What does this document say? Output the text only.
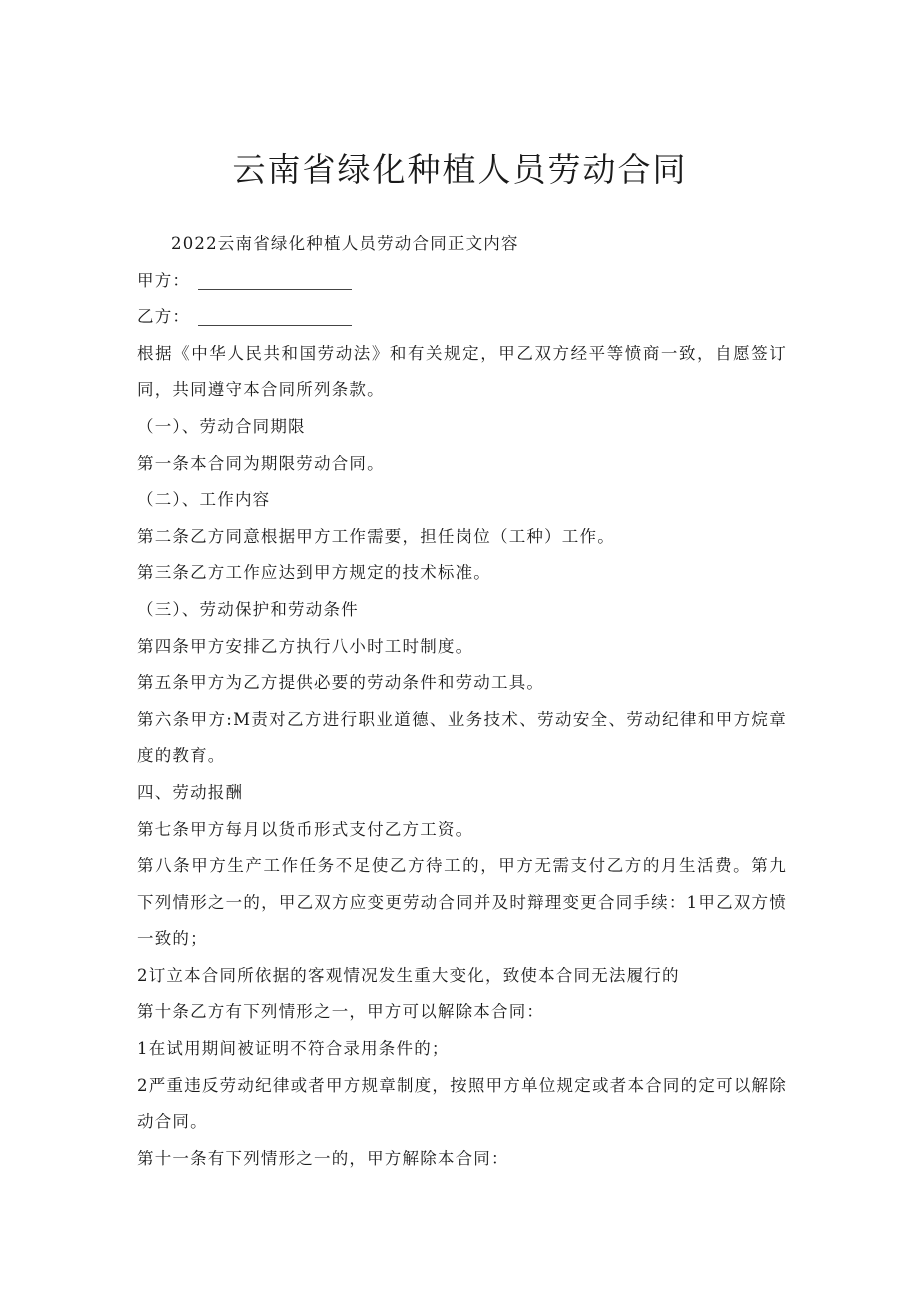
云南省绿化种植人员劳动合同
2022云南省绿化种植人员劳动合同正文内容
甲方：
乙方：
根据《中华人民共和国劳动法》和有关规定，甲乙双方经平等愤商一致，自愿签订
同，共同遵守本合同所列条款。
（一）、劳动合同期限
第一条本合同为期限劳动合同。
（二）、工作内容
第二条乙方同意根据甲方工作需要，担任岗位（工种）工作。
第三条乙方工作应达到甲方规定的技术标准。
（三）、劳动保护和劳动条件
第四条甲方安排乙方执行八小时工时制度。
第五条甲方为乙方提供必要的劳动条件和劳动工具。
第六条甲方:M责对乙方进行职业道德、业务技术、劳动安全、劳动纪律和甲方烷章
度的教育。
四、劳动报酬
第七条甲方每月以货币形式支付乙方工资。
第八条甲方生产工作任务不足使乙方待工的，甲方无需支付乙方的月生活费。第九
下列情形之一的，甲乙双方应变更劳动合同并及时辩理变更合同手续：1甲乙双方愤
一致的；
2订立本合同所依据的客观情况发生重大变化，致使本合同无法履行的
第十条乙方有下列情形之一，甲方可以解除本合同：
1在试用期间被证明不符合录用条件的；
2严重违反劳动纪律或者甲方规章制度，按照甲方单位规定或者本合同的定可以解除
动合同。
第十一条有下列情形之一的，甲方解除本合同：
